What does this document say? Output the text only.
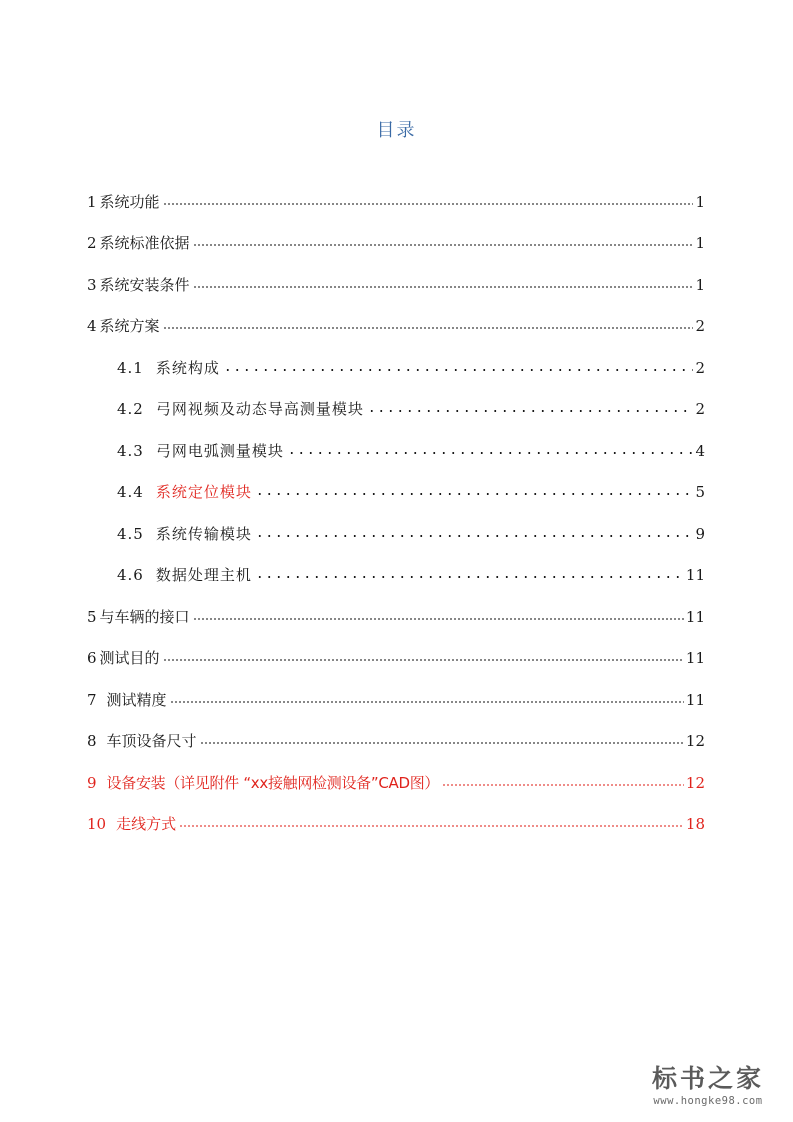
目录
1 系统功能	1
2 系统标准依据	1
3 系统安装条件	1
4 系统方案	2
4.1 系统构成	2
4.2 弓网视频及动态导高测量模块	2
4.3 弓网电弧测量模块	4
4.4 系统定位模块	5
4.5 系统传输模块	9
4.6 数据处理主机	11
5 与车辆的接口	11
6 测试目的	11
7 测试精度	11
8 车顶设备尺寸	12
9 设备安装（详见附件 “xx接触网检测设备”CAD图）	12
10 走线方式	18
标书之家
www.hongke98.com
